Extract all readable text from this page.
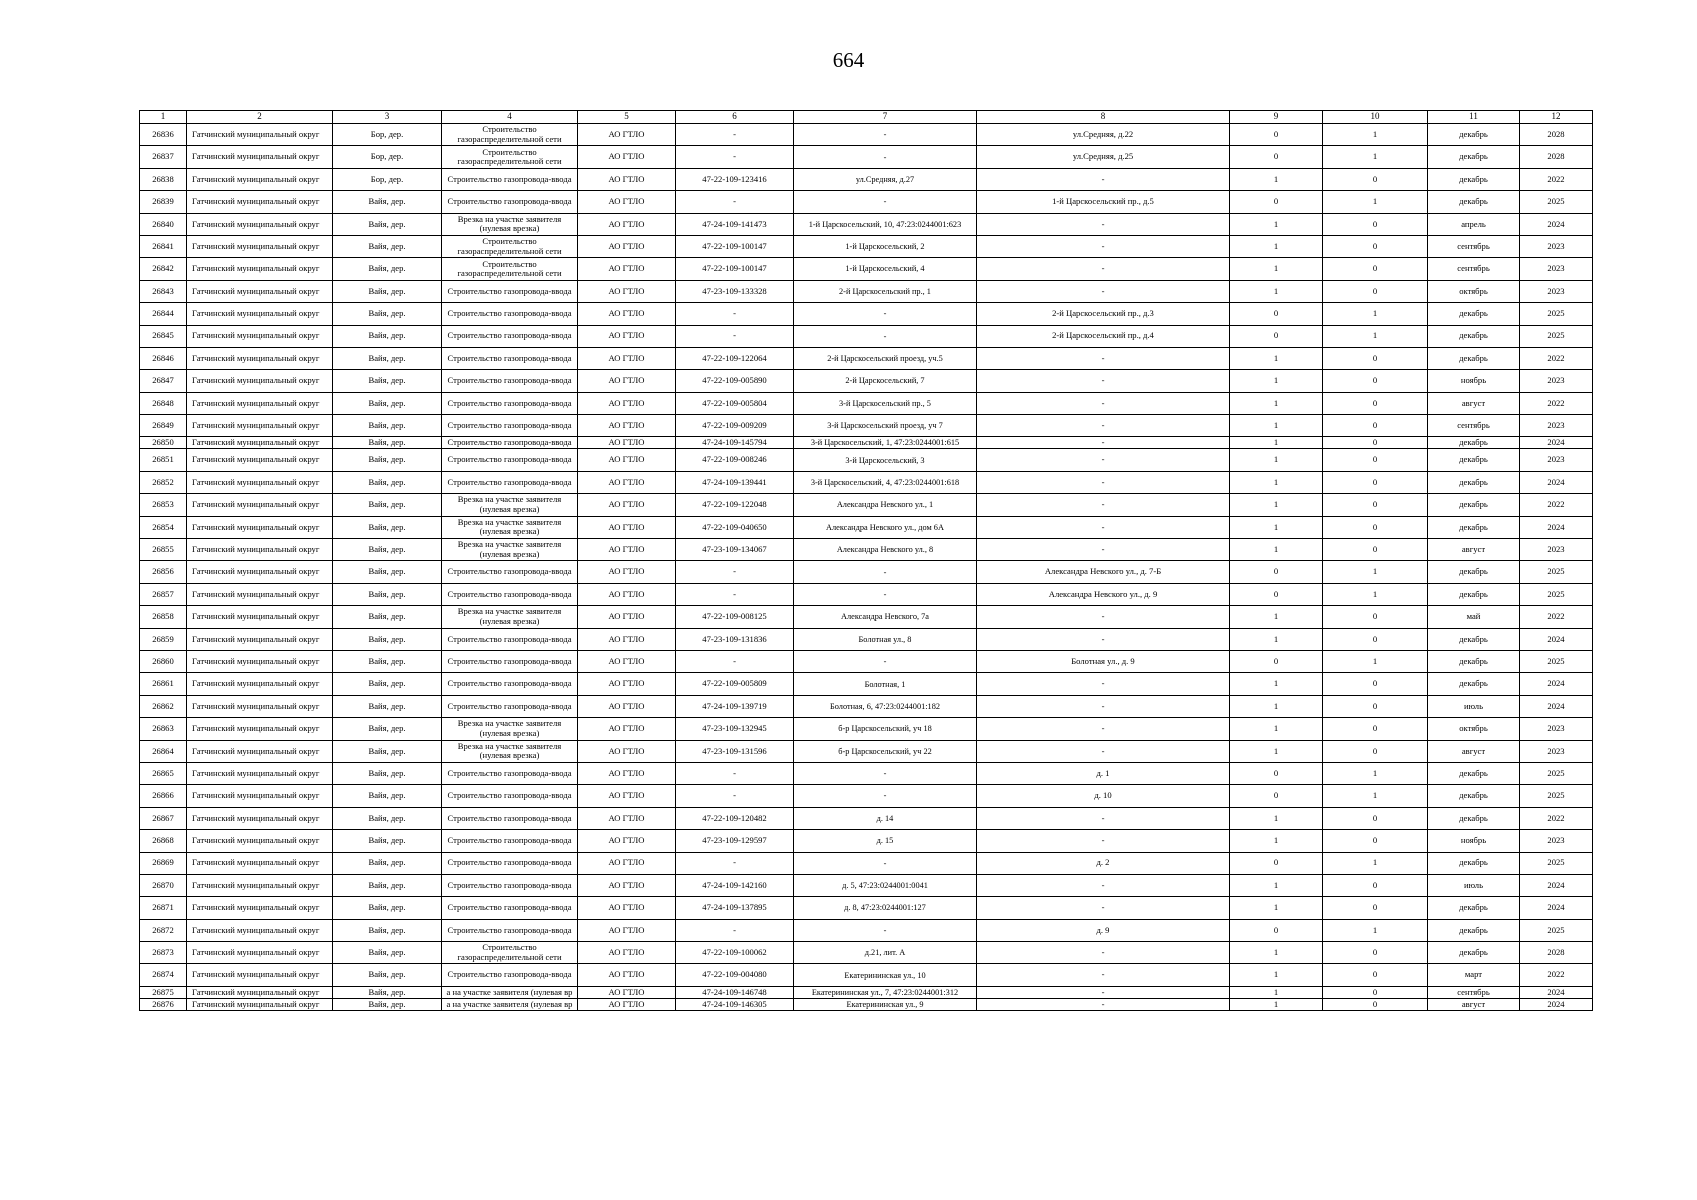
664
1	2	3	4	5	6	7	8	9	10	11	12
26836	Гатчинский муниципальный округ	Бор, дер.	Строительство газораспределительной сети	АО ГТЛО	-	-	ул.Средняя, д.22	0	1	декабрь	2028
26837	Гатчинский муниципальный округ	Бор, дер.	Строительство газораспределительной сети	АО ГТЛО	-	-	ул.Средняя, д.25	0	1	декабрь	2028
26838	Гатчинский муниципальный округ	Бор, дер.	Строительство газопровода-ввода	АО ГТЛО	47-22-109-123416	ул.Средняя, д.27	-	1	0	декабрь	2022
26839	Гатчинский муниципальный округ	Вайя, дер.	Строительство газопровода-ввода	АО ГТЛО	-	-	1-й Царскосельский пр., д.5	0	1	декабрь	2025
26840	Гатчинский муниципальный округ	Вайя, дер.	Врезка на участке заявителя (нулевая врезка)	АО ГТЛО	47-24-109-141473	1-й Царскосельский, 10, 47:23:0244001:623	-	1	0	апрель	2024
26841	Гатчинский муниципальный округ	Вайя, дер.	Строительство газораспределительной сети	АО ГТЛО	47-22-109-100147	1-й Царскосельский, 2	-	1	0	сентябрь	2023
26842	Гатчинский муниципальный округ	Вайя, дер.	Строительство газораспределительной сети	АО ГТЛО	47-22-109-100147	1-й Царскосельский, 4	-	1	0	сентябрь	2023
26843	Гатчинский муниципальный округ	Вайя, дер.	Строительство газопровода-ввода	АО ГТЛО	47-23-109-133328	2-й Царскосельский пр., 1	-	1	0	октябрь	2023
26844	Гатчинский муниципальный округ	Вайя, дер.	Строительство газопровода-ввода	АО ГТЛО	-	-	2-й Царскосельский пр., д.3	0	1	декабрь	2025
26845	Гатчинский муниципальный округ	Вайя, дер.	Строительство газопровода-ввода	АО ГТЛО	-	-	2-й Царскосельский пр., д.4	0	1	декабрь	2025
26846	Гатчинский муниципальный округ	Вайя, дер.	Строительство газопровода-ввода	АО ГТЛО	47-22-109-122064	2-й Царскосельский проезд, уч.5	-	1	0	декабрь	2022
26847	Гатчинский муниципальный округ	Вайя, дер.	Строительство газопровода-ввода	АО ГТЛО	47-22-109-005890	2-й Царскосельский, 7	-	1	0	ноябрь	2023
26848	Гатчинский муниципальный округ	Вайя, дер.	Строительство газопровода-ввода	АО ГТЛО	47-22-109-005804	3-й Царскосельский пр., 5	-	1	0	август	2022
26849	Гатчинский муниципальный округ	Вайя, дер.	Строительство газопровода-ввода	АО ГТЛО	47-22-109-009209	3-й Царскосельский проезд, уч 7	-	1	0	сентябрь	2023
26850	Гатчинский муниципальный округ	Вайя, дер.	Строительство газопровода-ввода	АО ГТЛО	47-24-109-145794	3-й Царскосельский, 1, 47:23:0244001:615	-	1	0	декабрь	2024
26851	Гатчинский муниципальный округ	Вайя, дер.	Строительство газопровода-ввода	АО ГТЛО	47-22-109-008246	3-й Царскосельский, 3	-	1	0	декабрь	2023
26852	Гатчинский муниципальный округ	Вайя, дер.	Строительство газопровода-ввода	АО ГТЛО	47-24-109-139441	3-й Царскосельский, 4, 47:23:0244001:618	-	1	0	декабрь	2024
26853	Гатчинский муниципальный округ	Вайя, дер.	Врезка на участке заявителя (нулевая врезка)	АО ГТЛО	47-22-109-122048	Александра Невского ул., 1	-	1	0	декабрь	2022
26854	Гатчинский муниципальный округ	Вайя, дер.	Врезка на участке заявителя (нулевая врезка)	АО ГТЛО	47-22-109-040650	Александра Невского ул., дом 6А	-	1	0	декабрь	2024
26855	Гатчинский муниципальный округ	Вайя, дер.	Врезка на участке заявителя (нулевая врезка)	АО ГТЛО	47-23-109-134067	Александра Невского ул., 8	-	1	0	август	2023
26856	Гатчинский муниципальный округ	Вайя, дер.	Строительство газопровода-ввода	АО ГТЛО	-	-	Александра Невского ул., д. 7-Б	0	1	декабрь	2025
26857	Гатчинский муниципальный округ	Вайя, дер.	Строительство газопровода-ввода	АО ГТЛО	-	-	Александра Невского ул., д. 9	0	1	декабрь	2025
26858	Гатчинский муниципальный округ	Вайя, дер.	Врезка на участке заявителя (нулевая врезка)	АО ГТЛО	47-22-109-008125	Александра Невского, 7а	-	1	0	май	2022
26859	Гатчинский муниципальный округ	Вайя, дер.	Строительство газопровода-ввода	АО ГТЛО	47-23-109-131836	Болотная ул., 8	-	1	0	декабрь	2024
26860	Гатчинский муниципальный округ	Вайя, дер.	Строительство газопровода-ввода	АО ГТЛО	-	-	Болотная ул., д. 9	0	1	декабрь	2025
26861	Гатчинский муниципальный округ	Вайя, дер.	Строительство газопровода-ввода	АО ГТЛО	47-22-109-005809	Болотная, 1	-	1	0	декабрь	2024
26862	Гатчинский муниципальный округ	Вайя, дер.	Строительство газопровода-ввода	АО ГТЛО	47-24-109-139719	Болотная, 6, 47:23:0244001:182	-	1	0	июль	2024
26863	Гатчинский муниципальный округ	Вайя, дер.	Врезка на участке заявителя (нулевая врезка)	АО ГТЛО	47-23-109-132945	б-р Царскосельский, уч 18	-	1	0	октябрь	2023
26864	Гатчинский муниципальный округ	Вайя, дер.	Врезка на участке заявителя (нулевая врезка)	АО ГТЛО	47-23-109-131596	б-р Царскосельский, уч 22	-	1	0	август	2023
26865	Гатчинский муниципальный округ	Вайя, дер.	Строительство газопровода-ввода	АО ГТЛО	-	-	д. 1	0	1	декабрь	2025
26866	Гатчинский муниципальный округ	Вайя, дер.	Строительство газопровода-ввода	АО ГТЛО	-	-	д. 10	0	1	декабрь	2025
26867	Гатчинский муниципальный округ	Вайя, дер.	Строительство газопровода-ввода	АО ГТЛО	47-22-109-120482	д. 14	-	1	0	декабрь	2022
26868	Гатчинский муниципальный округ	Вайя, дер.	Строительство газопровода-ввода	АО ГТЛО	47-23-109-129597	д. 15	-	1	0	ноябрь	2023
26869	Гатчинский муниципальный округ	Вайя, дер.	Строительство газопровода-ввода	АО ГТЛО	-	-	д. 2	0	1	декабрь	2025
26870	Гатчинский муниципальный округ	Вайя, дер.	Строительство газопровода-ввода	АО ГТЛО	47-24-109-142160	д. 5, 47:23:0244001:0041	-	1	0	июль	2024
26871	Гатчинский муниципальный округ	Вайя, дер.	Строительство газопровода-ввода	АО ГТЛО	47-24-109-137895	д. 8, 47:23:0244001:127	-	1	0	декабрь	2024
26872	Гатчинский муниципальный округ	Вайя, дер.	Строительство газопровода-ввода	АО ГТЛО	-	-	д. 9	0	1	декабрь	2025
26873	Гатчинский муниципальный округ	Вайя, дер.	Строительство газораспределительной сети	АО ГТЛО	47-22-109-100062	д.21, лит. А	-	1	0	декабрь	2028
26874	Гатчинский муниципальный округ	Вайя, дер.	Строительство газопровода-ввода	АО ГТЛО	47-22-109-004080	Екатерининская ул., 10	-	1	0	март	2022
26875	Гатчинский муниципальный округ	Вайя, дер.	а на участке заявителя (нулевая вр	АО ГТЛО	47-24-109-146748	Екатерининская ул., 7, 47:23:0244001:312	-	1	0	сентябрь	2024
26876	Гатчинский муниципальный округ	Вайя, дер.	а на участке заявителя (нулевая вр	АО ГТЛО	47-24-109-146305	Екатерининская ул., 9	-	1	0	август	2024
